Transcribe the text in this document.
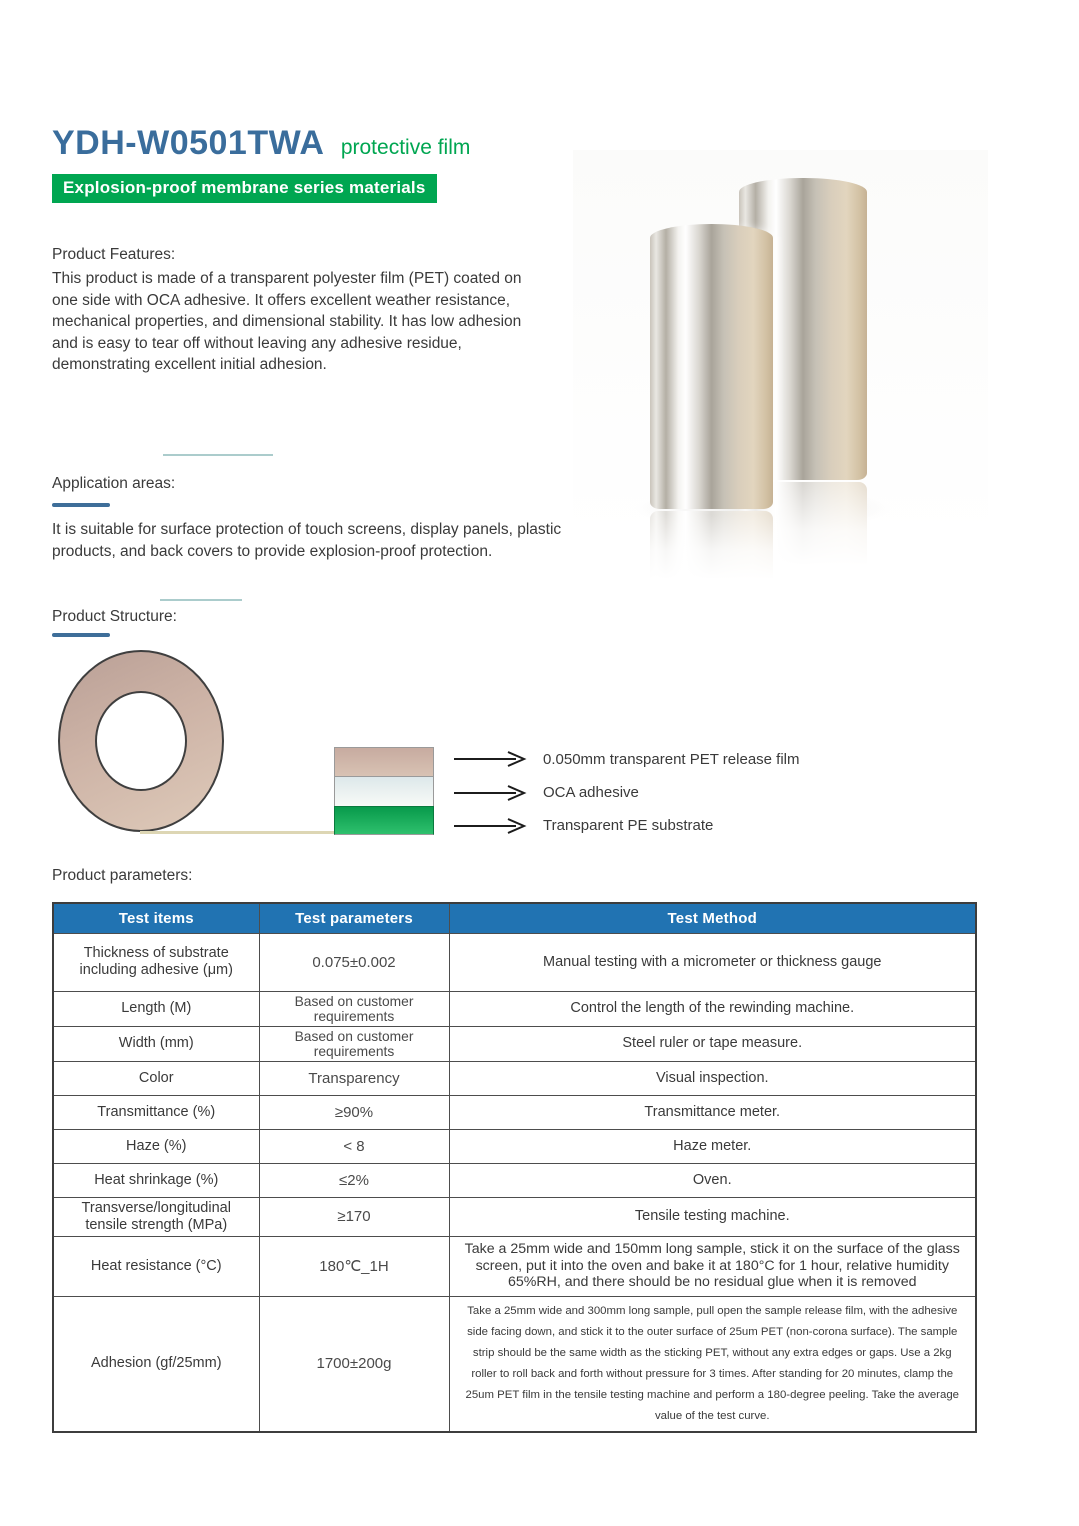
YDH-W0501TWA protective film
Explosion-proof membrane series materials
Product Features:
This product is made of a transparent polyester film (PET) coated on one side with OCA adhesive. It offers excellent weather resistance, mechanical properties, and dimensional stability. It has low adhesion and is easy to tear off without leaving any adhesive residue, demonstrating excellent initial adhesion.
Application areas:
It is suitable for surface protection of touch screens, display panels, plastic products, and back covers to provide explosion-proof protection.
Product Structure:
0.050mm transparent PET release film
OCA adhesive
Transparent PE substrate
Product parameters:
Test items	Test parameters	Test Method
Thickness of substrate including adhesive (μm)	0.075±0.002	Manual testing with a micrometer or thickness gauge
Length (M)	Based on customer requirements	Control the length of the rewinding machine.
Width (mm)	Based on customer requirements	Steel ruler or tape measure.
Color	Transparency	Visual inspection.
Transmittance (%)	≥90%	Transmittance meter.
Haze (%)	< 8	Haze meter.
Heat shrinkage (%)	≤2%	Oven.
Transverse/longitudinal tensile strength (MPa)	≥170	Tensile testing machine.
Heat resistance (°C)	180℃_1H	Take a 25mm wide and 150mm long sample, stick it on the surface of the glass screen, put it into the oven and bake it at 180°C for 1 hour, relative humidity 65%RH, and there should be no residual glue when it is removed
Adhesion (gf/25mm)	1700±200g	Take a 25mm wide and 300mm long sample, pull open the sample release film, with the adhesive side facing down, and stick it to the outer surface of 25um PET (non-corona surface). The sample strip should be the same width as the sticking PET, without any extra edges or gaps. Use a 2kg roller to roll back and forth without pressure for 3 times. After standing for 20 minutes, clamp the 25um PET film in the tensile testing machine and perform a 180-degree peeling. Take the average value of the test curve.
